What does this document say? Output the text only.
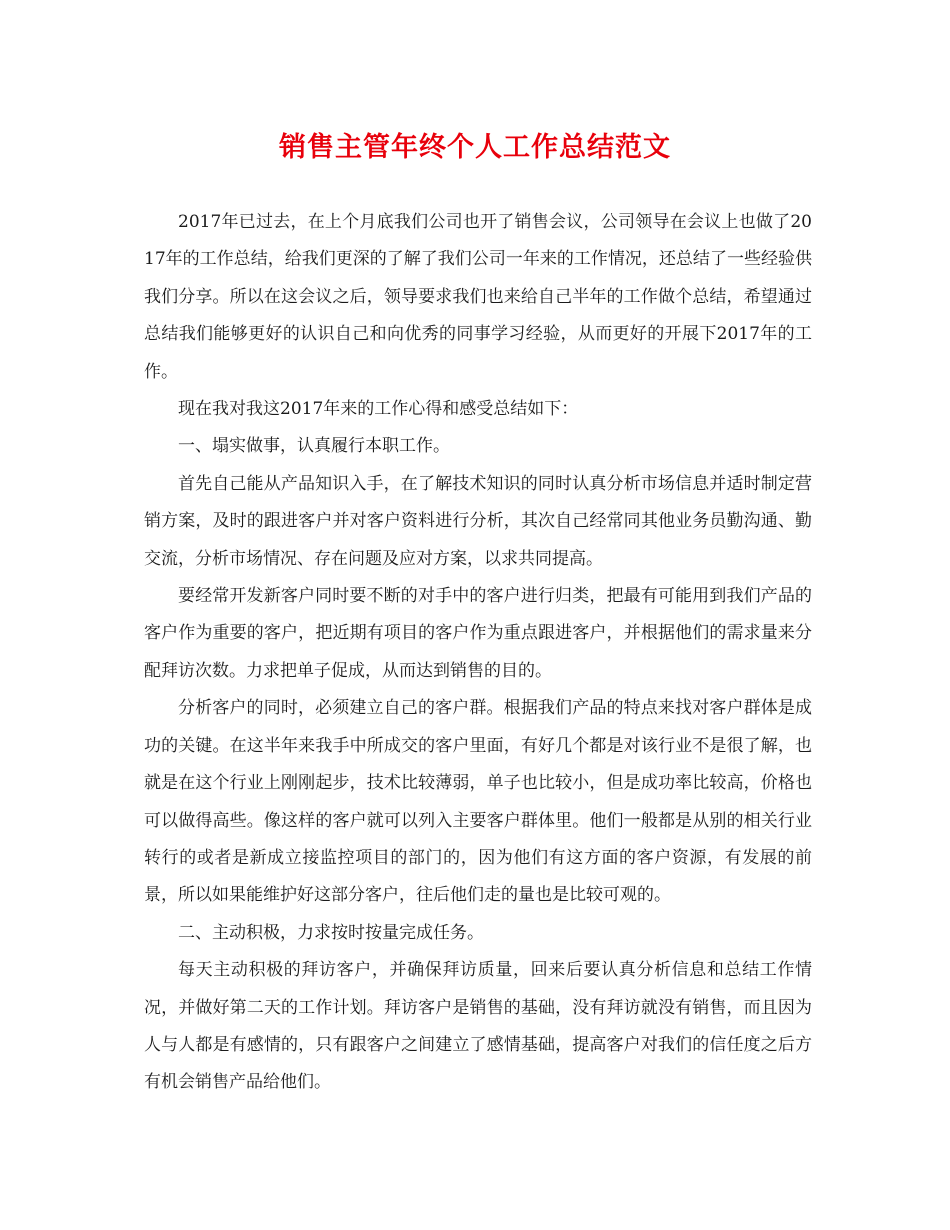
销售主管年终个人工作总结范文

2017年已过去，在上个月底我们公司也开了销售会议，公司领导在会议上也做了2017年的工作总结，给我们更深的了解了我们公司一年来的工作情况，还总结了一些经验供我们分享。所以在这会议之后，领导要求我们也来给自己半年的工作做个总结，希望通过总结我们能够更好的认识自己和向优秀的同事学习经验，从而更好的开展下2017年的工作。

现在我对我这2017年来的工作心得和感受总结如下：

一、塌实做事，认真履行本职工作。

首先自己能从产品知识入手，在了解技术知识的同时认真分析市场信息并适时制定营销方案，及时的跟进客户并对客户资料进行分析，其次自己经常同其他业务员勤沟通、勤交流，分析市场情况、存在问题及应对方案，以求共同提高。

要经常开发新客户同时要不断的对手中的客户进行归类，把最有可能用到我们产品的客户作为重要的客户，把近期有项目的客户作为重点跟进客户，并根据他们的需求量来分配拜访次数。力求把单子促成，从而达到销售的目的。

分析客户的同时，必须建立自己的客户群。根据我们产品的特点来找对客户群体是成功的关键。在这半年来我手中所成交的客户里面，有好几个都是对该行业不是很了解，也就是在这个行业上刚刚起步，技术比较薄弱，单子也比较小，但是成功率比较高，价格也可以做得高些。像这样的客户就可以列入主要客户群体里。他们一般都是从别的相关行业转行的或者是新成立接监控项目的部门的，因为他们有这方面的客户资源，有发展的前景，所以如果能维护好这部分客户，往后他们走的量也是比较可观的。

二、主动积极，力求按时按量完成任务。

每天主动积极的拜访客户，并确保拜访质量，回来后要认真分析信息和总结工作情况，并做好第二天的工作计划。拜访客户是销售的基础，没有拜访就没有销售，而且因为人与人都是有感情的，只有跟客户之间建立了感情基础，提高客户对我们的信任度之后方有机会销售产品给他们。
